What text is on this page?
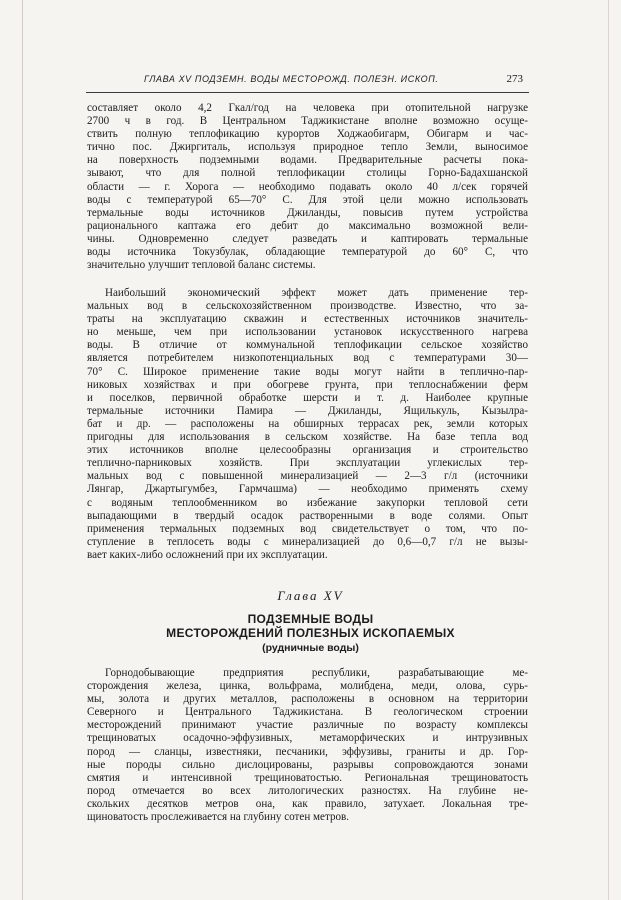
ГЛАВА XV ПОДЗЕМН. ВОДЫ МЕСТОРОЖД. ПОЛЕЗН. ИСКОП.	273
составляет около 4,2 Гкал/год на человека при отопительной нагрузке
2700 ч в год. В Центральном Таджикистане вполне возможно осуще-
ствить полную теплофикацию курортов Ходжаобигарм, Обигарм и час-
тично пос. Джиргиталь, используя природное тепло Земли, выносимое
на поверхность подземными водами. Предварительные расчеты пока-
зывают, что для полной теплофикации столицы Горно-Бадахшанской
области — г. Хорога — необходимо подавать около 40 л/сек горячей
воды с температурой 65—70° С. Для этой цели можно использовать
термальные воды источников Джиланды, повысив путем устройства
рационального каптажа его дебит до максимально возможной вели-
чины. Одновременно следует разведать и каптировать термальные
воды источника Токузбулак, обладающие температурой до 60° С, что
значительно улучшит тепловой баланс системы.
Наибольший экономический эффект может дать применение тер-
мальных вод в сельскохозяйственном производстве. Известно, что за-
траты на эксплуатацию скважин и естественных источников значитель-
но меньше, чем при использовании установок искусственного нагрева
воды. В отличие от коммунальной теплофикации сельское хозяйство
является потребителем низкопотенциальных вод с температурами 30—
70° С. Широкое применение такие воды могут найти в тепличнo-пар-
никовых хозяйствах и при обогреве грунта, при теплоснабжении ферм
и поселков, первичной обработке шерсти и т. д. Наиболее крупные
термальные источники Памира — Джиланды, Ящилькуль, Кызылра-
бат и др. — расположены на обширных террасах рек, земли которых
пригодны для использования в сельском хозяйстве. На базе тепла вод
этих источников вполне целесообразны организация и строительство
тепличнo-парниковых хозяйств. При эксплуатации углекислых тер-
мальных вод с повышенной минерализацией — 2—3 г/л (источники
Лянгар, Джартыгумбез, Гармчашма) — необходимо применять схему
с водяным теплообменником во избежание закупорки тепловой сети
выпадающими в твердый осадок растворенными в воде солями. Опыт
применения термальных подземных вод свидетельствует о том, что по-
ступление в теплосеть воды с минерализацией до 0,6—0,7 г/л не вызы-
вает каких-либо осложнений при их эксплуатации.
Глава XV
ПОДЗЕМНЫЕ ВОДЫ
МЕСТОРОЖДЕНИЙ ПОЛЕЗНЫХ ИСКОПАЕМЫХ
(рудничные воды)
Горнодобывающие предприятия республики, разрабатывающие ме-
сторождения железа, цинка, вольфрама, молибдена, меди, олова, сурь-
мы, золота и других металлов, расположены в основном на территории
Северного и Центрального Таджикистана. В геологическом строении
месторождений принимают участие различные по возрасту комплексы
трещиноватых осадочно-эффузивных, метаморфических и интрузивных
пород — сланцы, известняки, песчаники, эффузивы, граниты и др. Гор-
ные породы сильно дислоцированы, разрывы сопровождаются зонами
смятия и интенсивной трещиноватостью. Региональная трещиноватость
пород отмечается во всех литологических разностях. На глубине не-
скольких десятков метров она, как правило, затухает. Локальная тре-
щиноватость прослеживается на глубину сотен метров.
